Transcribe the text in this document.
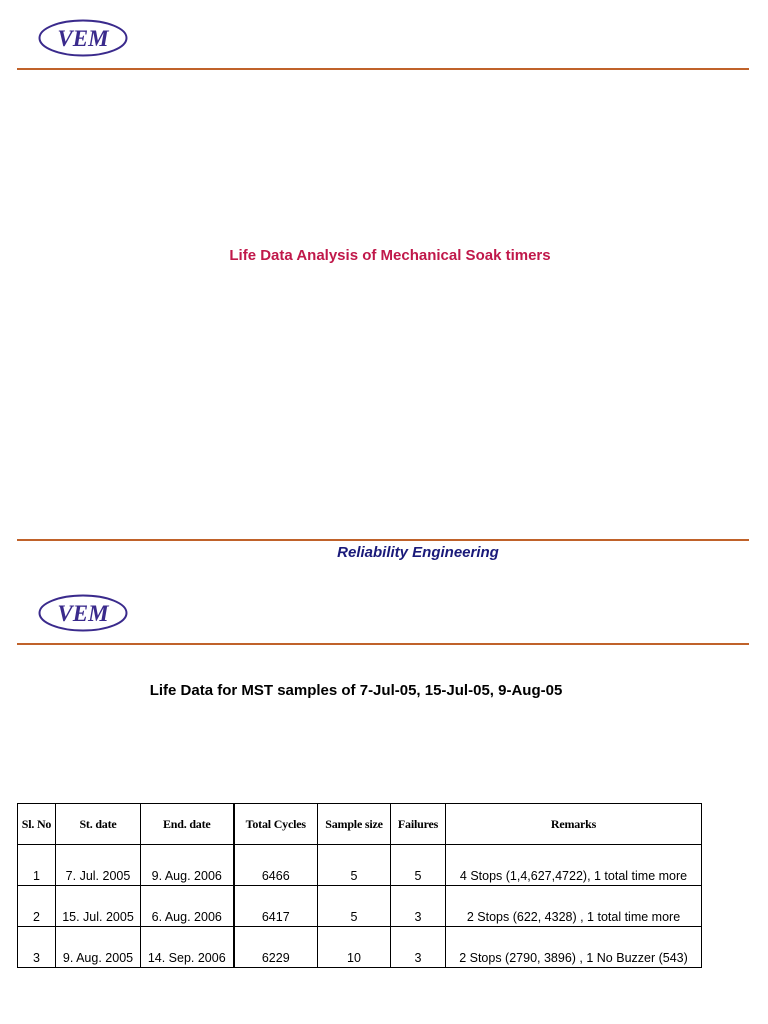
VEM
Life Data Analysis of Mechanical Soak timers
Reliability Engineering
VEM
Life Data for MST samples of 7-Jul-05, 15-Jul-05, 9-Aug-05
Sl. No	St. date	End. date	Total Cycles	Sample size	Failures	Remarks
1	7. Jul. 2005	9. Aug. 2006	6466	5	5	4 Stops (1,4,627,4722), 1 total time more
2	15. Jul. 2005	6. Aug. 2006	6417	5	3	2 Stops (622, 4328) , 1 total time more
3	9. Aug. 2005	14. Sep. 2006	6229	10	3	2 Stops (2790, 3896) , 1 No Buzzer (543)
